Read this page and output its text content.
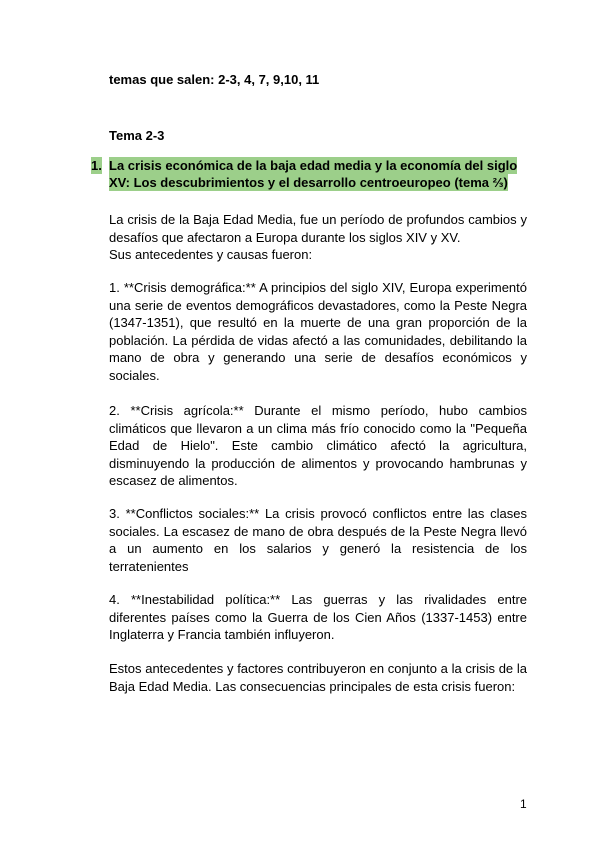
temas que salen: 2-3, 4, 7, 9,10, 11
Tema 2-3
1. La crisis económica de la baja edad media y la economía del siglo XV: Los descubrimientos y el desarrollo centroeuropeo (tema ⅔)
La crisis de la Baja Edad Media, fue un período de profundos cambios y desafíos que afectaron a Europa durante los siglos XIV y XV.
Sus antecedentes y causas fueron:
1. **Crisis demográfica:** A principios del siglo XIV, Europa experimentó una serie de eventos demográficos devastadores, como la Peste Negra (1347-1351), que resultó en la muerte de una gran proporción de la población. La pérdida de vidas afectó a las comunidades, debilitando la mano de obra y generando una serie de desafíos económicos y sociales.
2. **Crisis agrícola:** Durante el mismo período, hubo cambios climáticos que llevaron a un clima más frío conocido como la "Pequeña Edad de Hielo". Este cambio climático afectó la agricultura, disminuyendo la producción de alimentos y provocando hambrunas y escasez de alimentos.
3. **Conflictos sociales:** La crisis provocó conflictos entre las clases sociales. La escasez de mano de obra después de la Peste Negra llevó a un aumento en los salarios y generó la resistencia de los terratenientes
4. **Inestabilidad política:** Las guerras y las rivalidades entre diferentes países como la Guerra de los Cien Años (1337-1453) entre Inglaterra y Francia también influyeron.
Estos antecedentes y factores contribuyeron en conjunto a la crisis de la Baja Edad Media. Las consecuencias principales de esta crisis fueron:
1
